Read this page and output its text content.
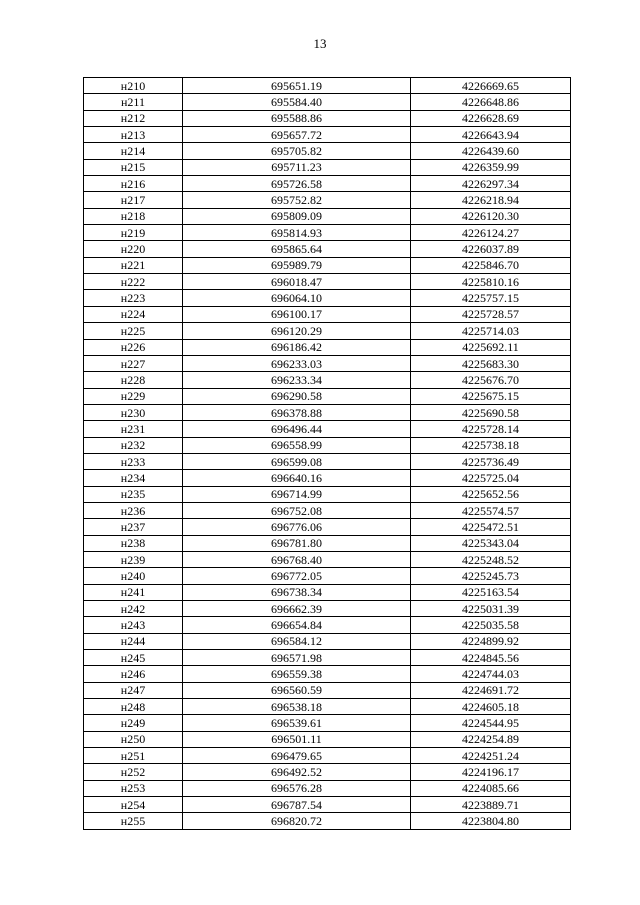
13
н210	695651.19	4226669.65
н211	695584.40	4226648.86
н212	695588.86	4226628.69
н213	695657.72	4226643.94
н214	695705.82	4226439.60
н215	695711.23	4226359.99
н216	695726.58	4226297.34
н217	695752.82	4226218.94
н218	695809.09	4226120.30
н219	695814.93	4226124.27
н220	695865.64	4226037.89
н221	695989.79	4225846.70
н222	696018.47	4225810.16
н223	696064.10	4225757.15
н224	696100.17	4225728.57
н225	696120.29	4225714.03
н226	696186.42	4225692.11
н227	696233.03	4225683.30
н228	696233.34	4225676.70
н229	696290.58	4225675.15
н230	696378.88	4225690.58
н231	696496.44	4225728.14
н232	696558.99	4225738.18
н233	696599.08	4225736.49
н234	696640.16	4225725.04
н235	696714.99	4225652.56
н236	696752.08	4225574.57
н237	696776.06	4225472.51
н238	696781.80	4225343.04
н239	696768.40	4225248.52
н240	696772.05	4225245.73
н241	696738.34	4225163.54
н242	696662.39	4225031.39
н243	696654.84	4225035.58
н244	696584.12	4224899.92
н245	696571.98	4224845.56
н246	696559.38	4224744.03
н247	696560.59	4224691.72
н248	696538.18	4224605.18
н249	696539.61	4224544.95
н250	696501.11	4224254.89
н251	696479.65	4224251.24
н252	696492.52	4224196.17
н253	696576.28	4224085.66
н254	696787.54	4223889.71
н255	696820.72	4223804.80
